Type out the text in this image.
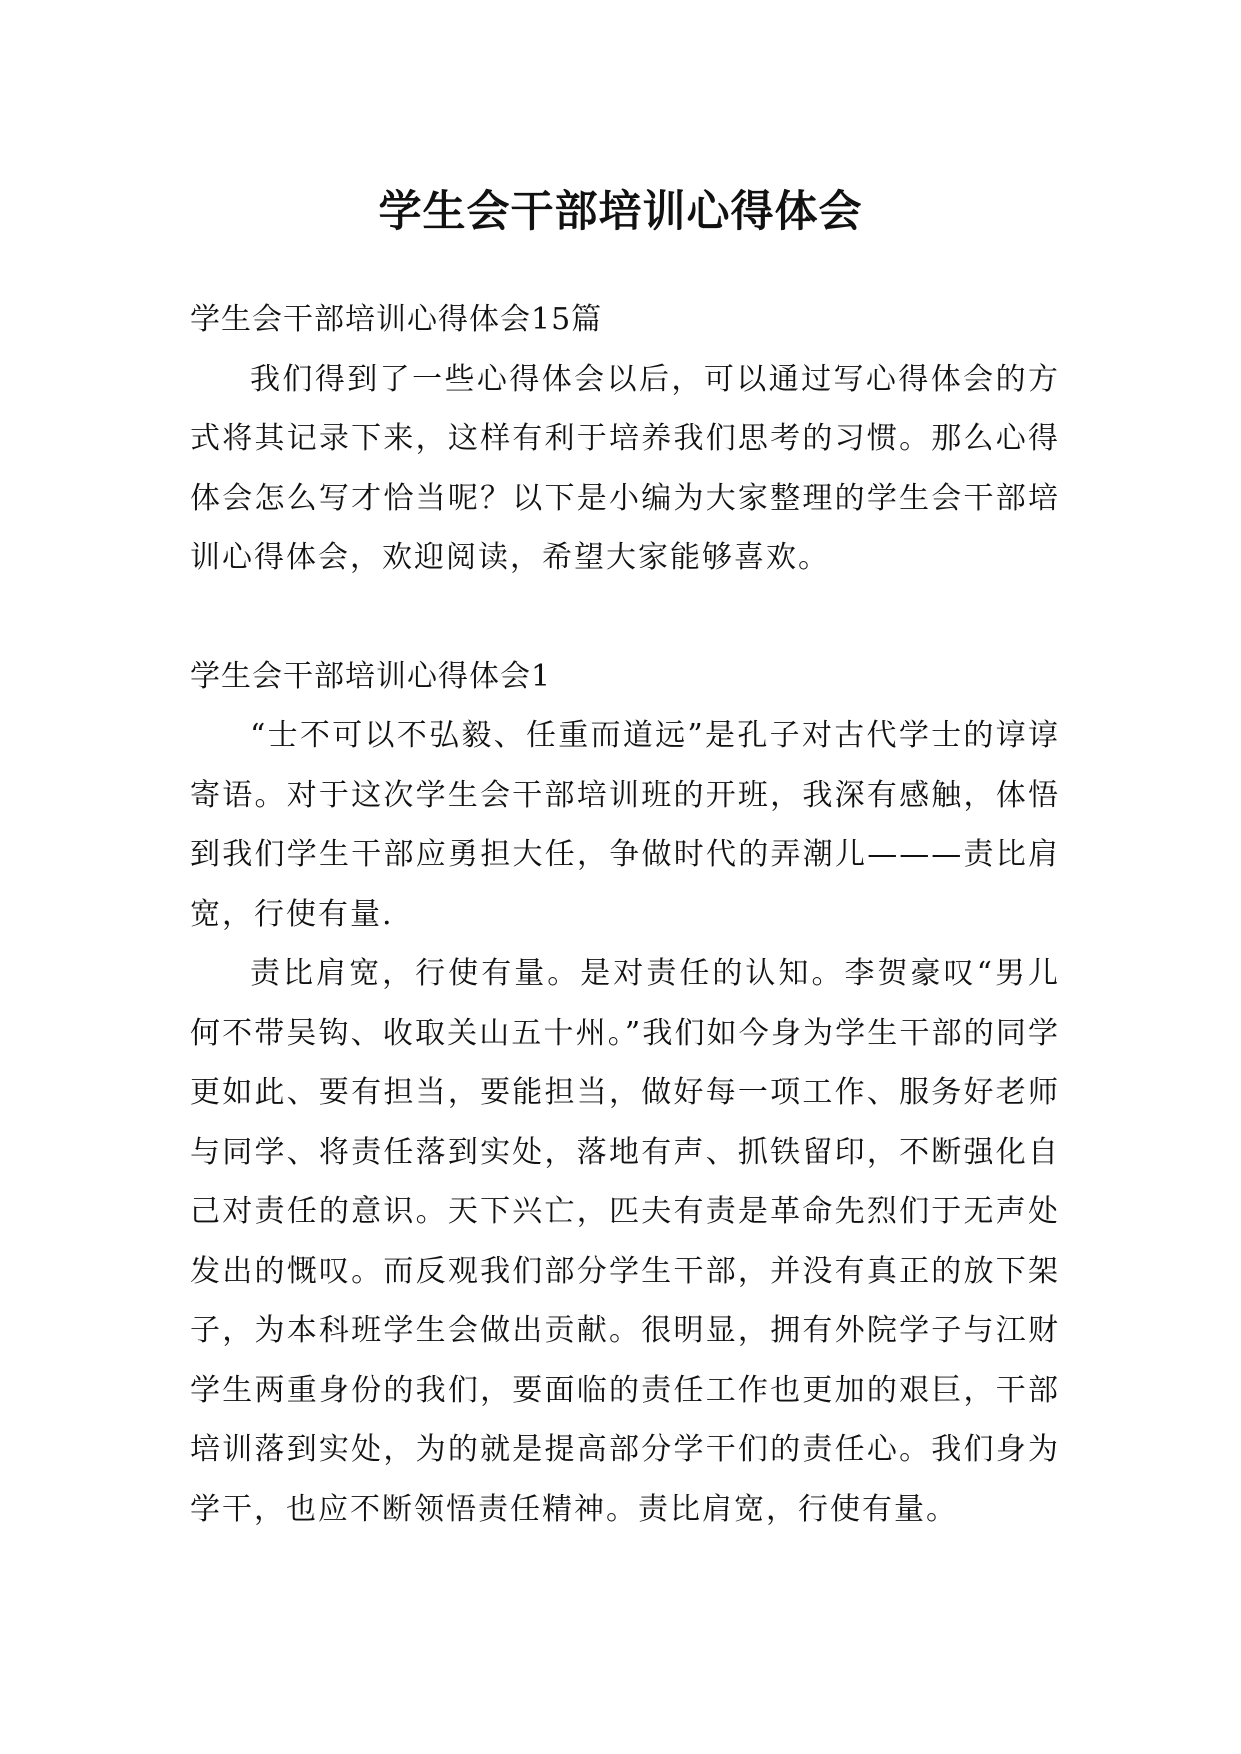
学生会干部培训心得体会

学生会干部培训心得体会15篇

我们得到了一些心得体会以后，可以通过写心得体会的方式将其记录下来，这样有利于培养我们思考的习惯。那么心得体会怎么写才恰当呢？以下是小编为大家整理的学生会干部培训心得体会，欢迎阅读，希望大家能够喜欢。

学生会干部培训心得体会1

“士不可以不弘毅、任重而道远”是孔子对古代学士的谆谆寄语。对于这次学生会干部培训班的开班，我深有感触，体悟到我们学生干部应勇担大任，争做时代的弄潮儿———责比肩宽，行使有量.

责比肩宽，行使有量。是对责任的认知。李贺豪叹“男儿何不带吴钩、收取关山五十州。”我们如今身为学生干部的同学更如此、要有担当，要能担当，做好每一项工作、服务好老师与同学、将责任落到实处，落地有声、抓铁留印，不断强化自己对责任的意识。天下兴亡，匹夫有责是革命先烈们于无声处发出的慨叹。而反观我们部分学生干部，并没有真正的放下架子，为本科班学生会做出贡献。很明显，拥有外院学子与江财学生两重身份的我们，要面临的责任工作也更加的艰巨，干部培训落到实处，为的就是提高部分学干们的责任心。我们身为学干，也应不断领悟责任精神。责比肩宽，行使有量。
